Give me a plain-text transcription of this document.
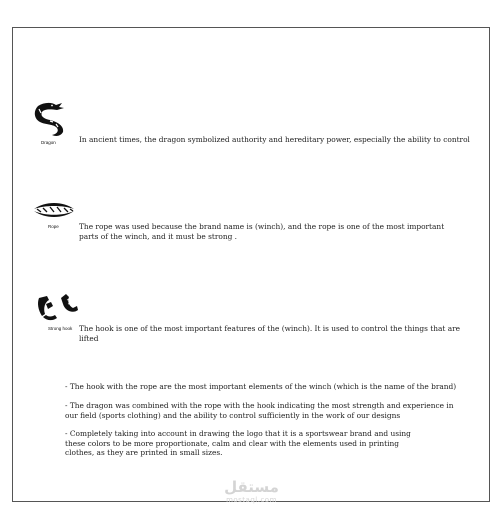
Dragon	In ancient times, the dragon symbolized authority and hereditary power, especially the ability to control
Rope	The rope was used because the brand name is (winch), and the rope is one of the most important parts of the winch, and it must be strong .
Strong hook The hook is one of the most important features of the (winch). It is used to control the things that are lifted
- The hook with the rope are the most important elements of the winch (which is the name of the brand)
- The dragon was combined with the rope with the hook indicating the most strength and experience in our field (sports clothing) and the ability to control sufficiently in the work of our designs
- Completely taking into account in drawing the logo that it is a sportswear brand and using these colors to be more proportionate, calm and clear with the elements used in printing clothes, as they are printed in small sizes.
مستقل
mostaql.com
